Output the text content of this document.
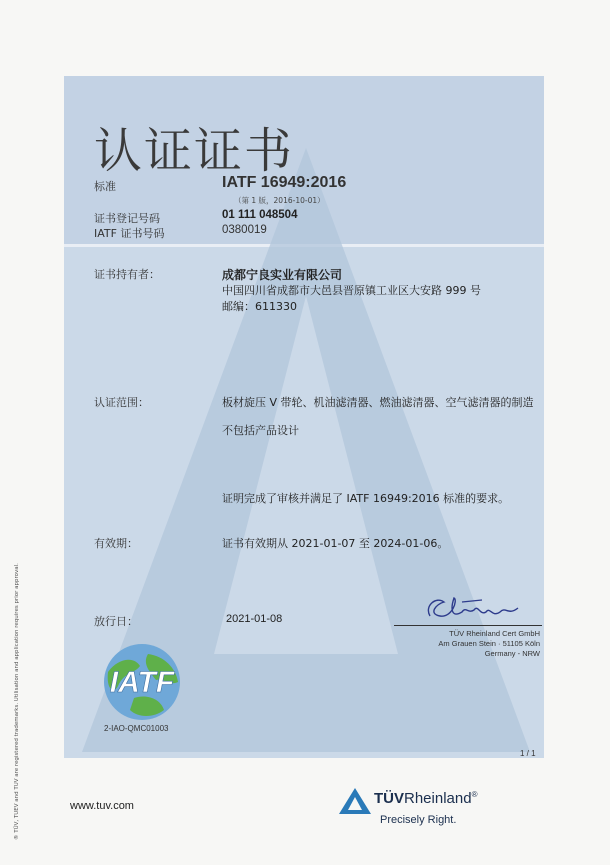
® TÜV, TUEV and TUV are registered trademarks. Utilisation and application requires prior approval.
认证证书
标准	IATF 16949:2016
（第 1 版，2016-10-01）
证书登记号码	01 111 048504
IATF 证书号码	0380019
证书持有者：	成都宁良实业有限公司
中国四川省成都市大邑县晋原镇工业区大安路 999 号
邮编：611330
认证范围：	板材旋压 V 带轮、机油滤清器、燃油滤清器、空气滤清器的制造
不包括产品设计
证明完成了审核并满足了 IATF 16949:2016 标准的要求。
有效期：	证书有效期从 2021-01-07 至 2024-01-06。
放行日：	2021-01-08
TÜV Rheinland Cert GmbH
Am Grauen Stein · 51105 Köln
Germany - NRW
IATF
2-IAO-QMC01003
1 / 1
www.tuv.com	TÜVRheinland®
Precisely Right.
